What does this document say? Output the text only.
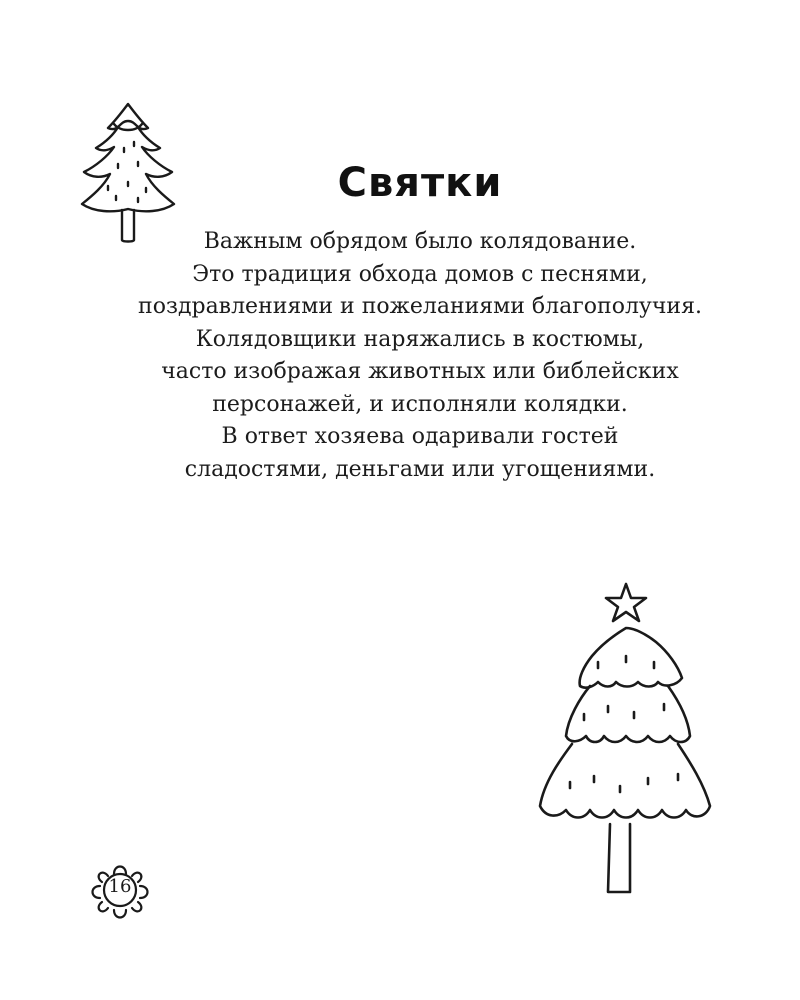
Святки

Важным обрядом было колядование.
Это традиция обхода домов с песнями,
поздравлениями и пожеланиями благополучия.
Колядовщики наряжались в костюмы,
часто изображая животных или библейских
персонажей, и исполняли колядки.
В ответ хозяева одаривали гостей
сладостями, деньгами или угощениями.

16
